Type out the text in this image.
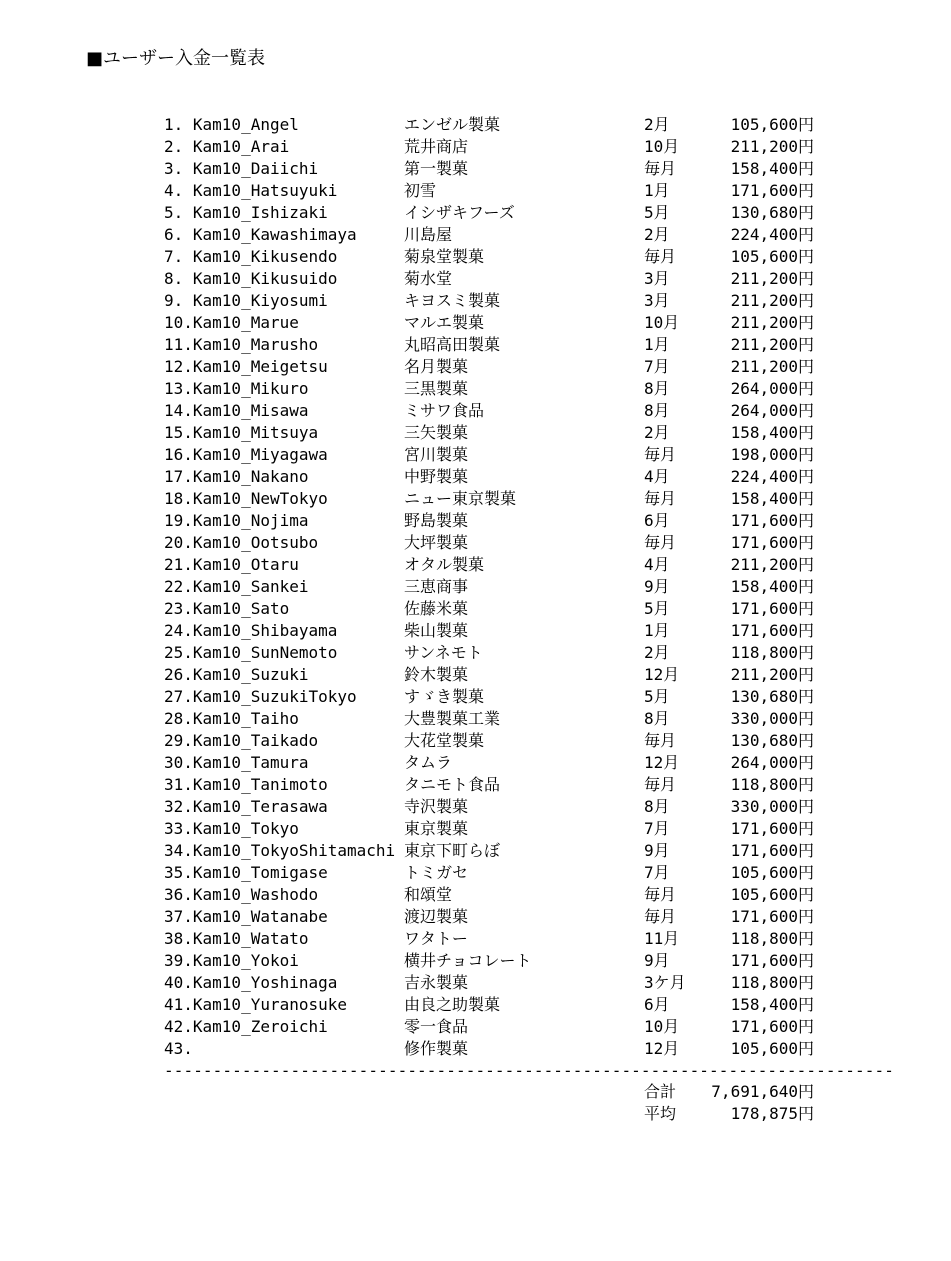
■ユーザー入金一覧表
1. Kam10_Angel	エンゼル製菓	2月	105,600円
2. Kam10_Arai	荒井商店	10月	211,200円
3. Kam10_Daiichi	第一製菓	毎月	158,400円
4. Kam10_Hatsuyuki	初雪	1月	171,600円
5. Kam10_Ishizaki	イシザキフーズ	5月	130,680円
6. Kam10_Kawashimaya	川島屋	2月	224,400円
7. Kam10_Kikusendo	菊泉堂製菓	毎月	105,600円
8. Kam10_Kikusuido	菊水堂	3月	211,200円
9. Kam10_Kiyosumi	キヨスミ製菓	3月	211,200円
10.Kam10_Marue	マルエ製菓	10月	211,200円
11.Kam10_Marusho	丸昭高田製菓	1月	211,200円
12.Kam10_Meigetsu	名月製菓	7月	211,200円
13.Kam10_Mikuro	三黒製菓	8月	264,000円
14.Kam10_Misawa	ミサワ食品	8月	264,000円
15.Kam10_Mitsuya	三矢製菓	2月	158,400円
16.Kam10_Miyagawa	宮川製菓	毎月	198,000円
17.Kam10_Nakano	中野製菓	4月	224,400円
18.Kam10_NewTokyo	ニュー東京製菓	毎月	158,400円
19.Kam10_Nojima	野島製菓	6月	171,600円
20.Kam10_Ootsubo	大坪製菓	毎月	171,600円
21.Kam10_Otaru	オタル製菓	4月	211,200円
22.Kam10_Sankei	三恵商事	9月	158,400円
23.Kam10_Sato	佐藤米菓	5月	171,600円
24.Kam10_Shibayama	柴山製菓	1月	171,600円
25.Kam10_SunNemoto	サンネモト	2月	118,800円
26.Kam10_Suzuki	鈴木製菓	12月	211,200円
27.Kam10_SuzukiTokyo	すゞき製菓	5月	130,680円
28.Kam10_Taiho	大豊製菓工業	8月	330,000円
29.Kam10_Taikado	大花堂製菓	毎月	130,680円
30.Kam10_Tamura	タムラ	12月	264,000円
31.Kam10_Tanimoto	タニモト食品	毎月	118,800円
32.Kam10_Terasawa	寺沢製菓	8月	330,000円
33.Kam10_Tokyo	東京製菓	7月	171,600円
34.Kam10_TokyoShitamachi 東京下町らぼ	9月	171,600円
35.Kam10_Tomigase	トミガセ	7月	105,600円
36.Kam10_Washodo	和頌堂	毎月	105,600円
37.Kam10_Watanabe	渡辺製菓	毎月	171,600円
38.Kam10_Watato	ワタトー	11月	118,800円
39.Kam10_Yokoi	横井チョコレート	9月	171,600円
40.Kam10_Yoshinaga	吉永製菓	3ケ月	118,800円
41.Kam10_Yuranosuke	由良之助製菓	6月	158,400円
42.Kam10_Zeroichi	零一食品	10月	171,600円
43.	修作製菓	12月	105,600円
---------------------------------------------------------------------------
合計 7,691,640円
平均	178,875円
